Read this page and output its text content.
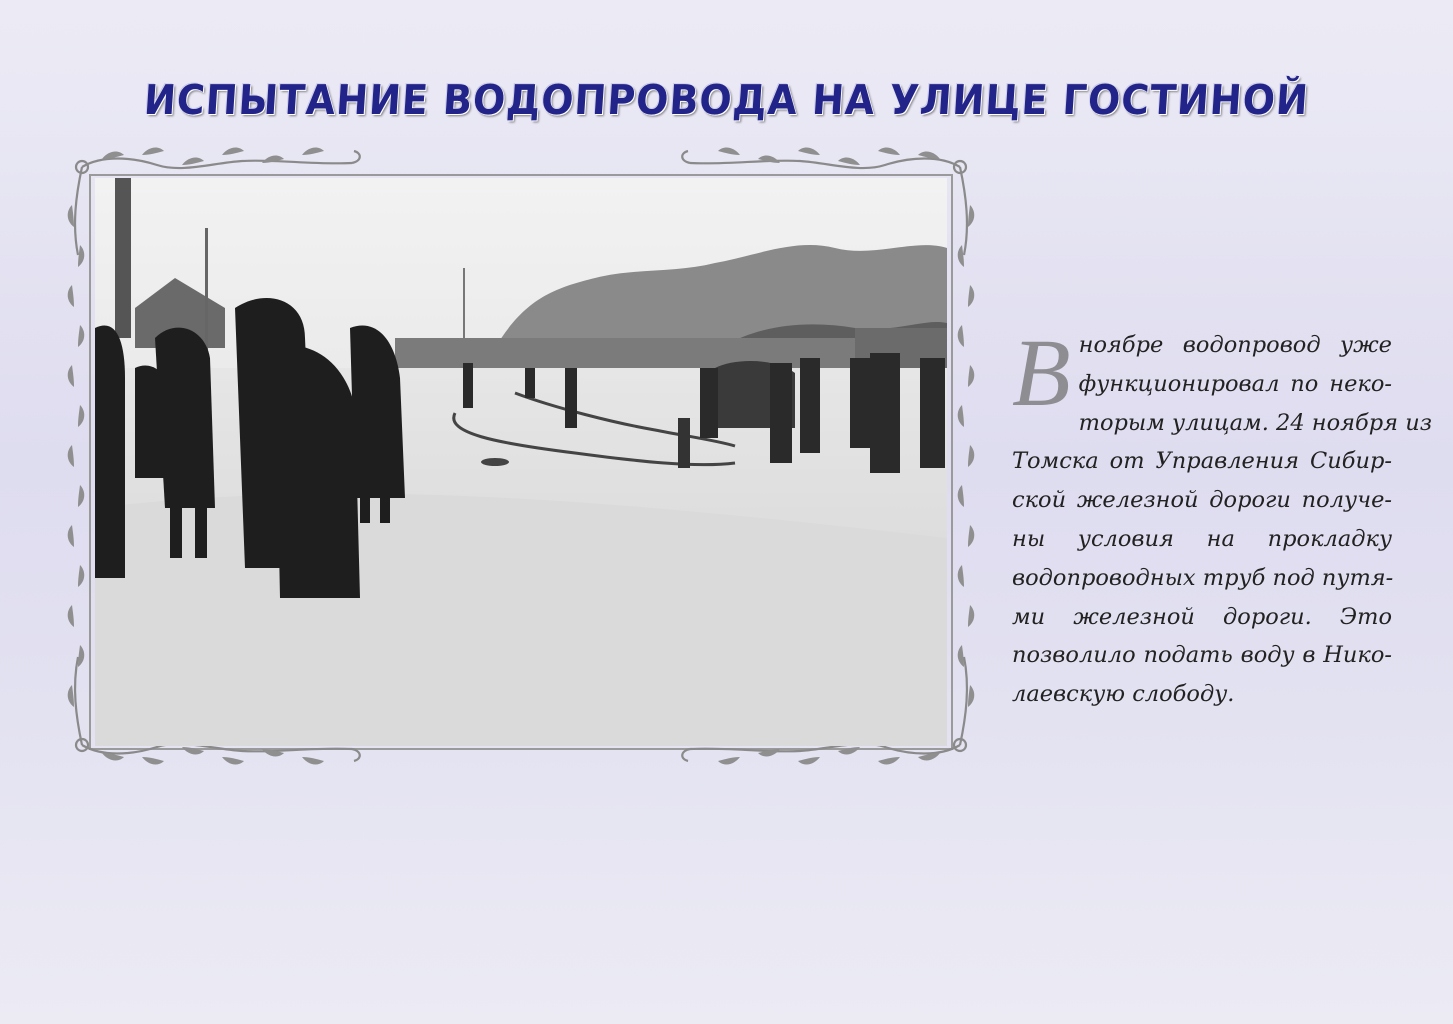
ИСПЫТАНИЕ ВОДОПРОВОДА НА УЛИЦЕ ГОСТИНОЙ
В ноябре водопровод уже
функционировал по неко-
торым улицам. 24 ноября из
Томска от Управления Сибир-
ской железной дороги получе-
ны условия на прокладку
водопроводных труб под путя-
ми железной дороги. Это
позволило подать воду в Нико-
лаевскую слободу.
